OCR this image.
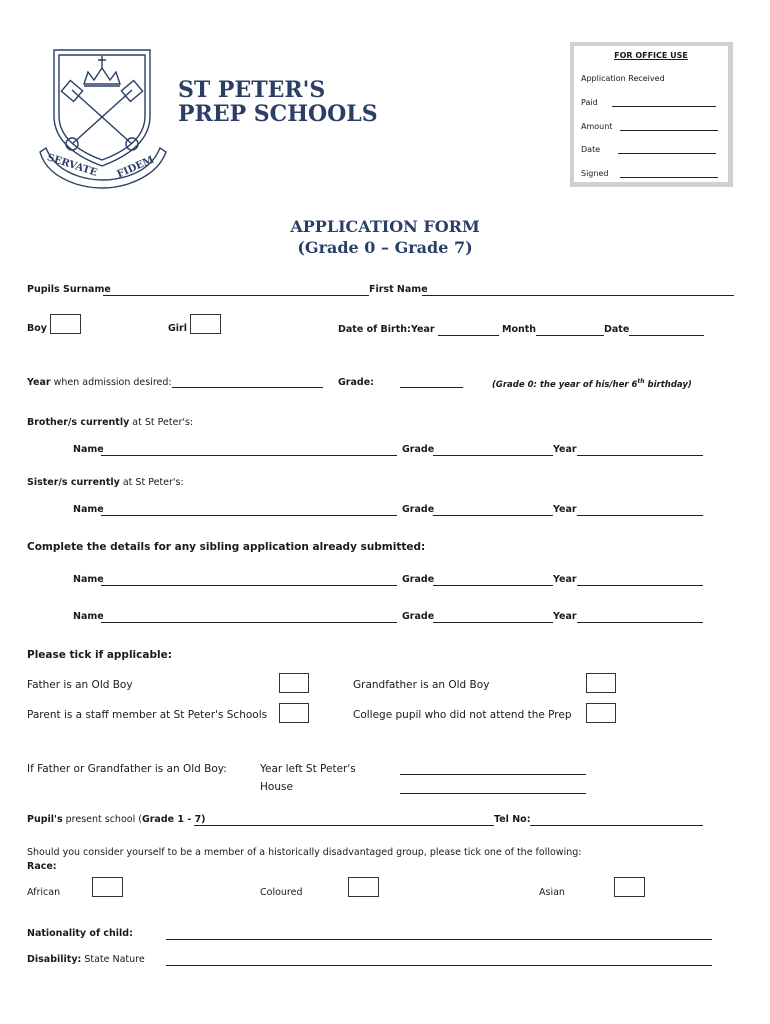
SERVATE FIDEM
ST PETER'S
PREP SCHOOLS
FOR OFFICE USE
Application Received
Paid
Amount
Date
Signed
APPLICATION FORM
(Grade 0 – Grade 7)
Pupils Surname	First Name
Boy	Girl	Date of Birth: Year	Month	Date
Year when admission desired:	Grade:	(Grade 0: the year of his/her 6th birthday)
Brother/s currently at St Peter's:
Name	Grade	Year
Sister/s currently at St Peter's:
Name	Grade	Year
Complete the details for any sibling application already submitted:
Name	Grade	Year
Name	Grade	Year
Please tick if applicable:
Father is an Old Boy	Grandfather is an Old Boy
Parent is a staff member at St Peter's Schools	College pupil who did not attend the Prep
If Father or Grandfather is an Old Boy:	Year left St Peter's
House
Pupil's present school (Grade 1 - 7)	Tel No:
Should you consider yourself to be a member of a historically disadvantaged group, please tick one of the following:
Race:
African	Coloured	Asian
Nationality of child:
Disability: State Nature
